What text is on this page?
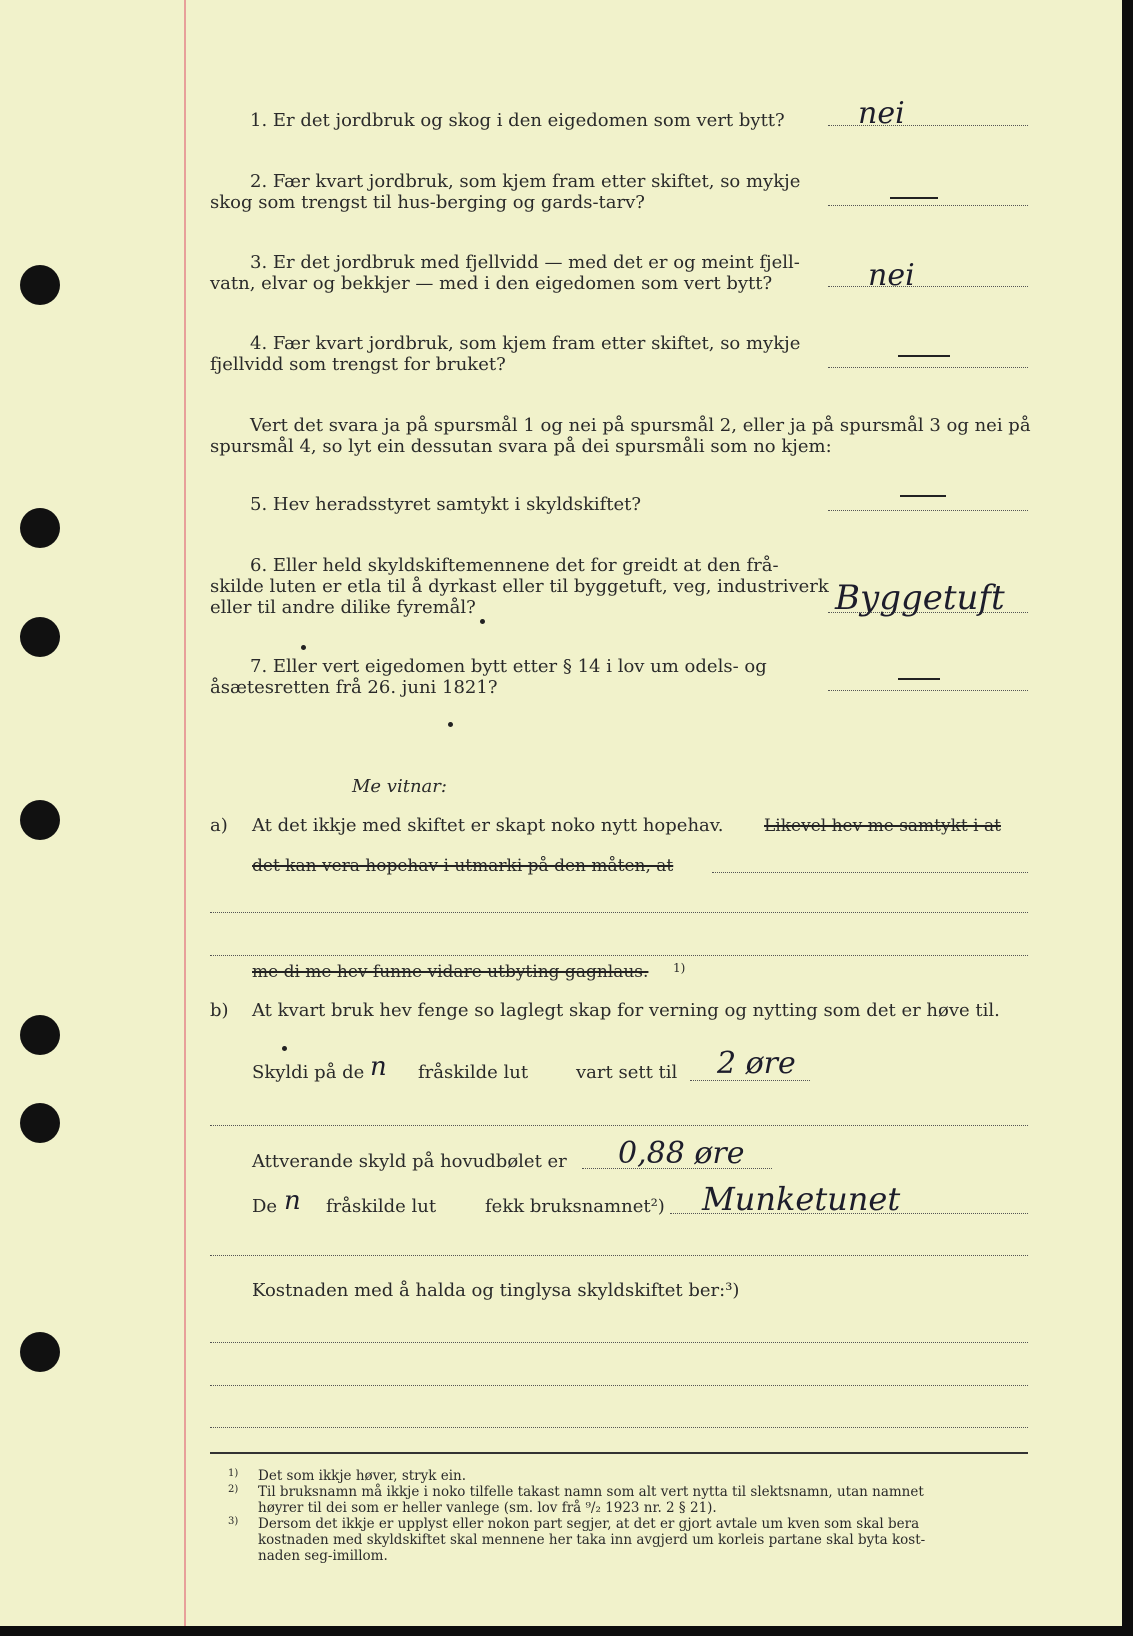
1. Er det jordbruk og skog i den eigedomen som vert bytt? nei
2. Fær kvart jordbruk, som kjem fram etter skiftet, so mykje
skog som trengst til hus-berging og gards-tarv?
3. Er det jordbruk med fjellvidd — med det er og meint fjell-
vatn, elvar og bekkjer — med i den eigedomen som vert bytt?	nei
4. Fær kvart jordbruk, som kjem fram etter skiftet, so mykje
fjellvidd som trengst for bruket?
Vert det svara ja på spursmål 1 og nei på spursmål 2, eller ja på spursmål 3 og nei på
spursmål 4, so lyt ein dessutan svara på dei spursmåli som no kjem:
5. Hev heradsstyret samtykt i skyldskiftet?
6. Eller held skyldskiftemennene det for greidt at den frå-
skilde luten er etla til å dyrkast eller til byggetuft, veg, industriverk
eller til andre dilike fyremål?	Byggetuft
7. Eller vert eigedomen bytt etter § 14 i lov um odels- og
åsætesretten frå 26. juni 1821?
Me vitnar:
a) At det ikkje med skiftet er skapt noko nytt hopehav. Likevel hev me samtykt i at
det kan vera hopehav i utmarki på den måten, at
me di me hev funne vidare utbyting gagnlaus. 1)
b) At kvart bruk hev fenge so laglegt skap for verning og nytting som det er høve til.
Skyldi på de n fråskilde lut	vart sett til 2 øre
Attverande skyld på hovudbølet er 0,88 øre
De n fråskilde lut	fekk bruksnamnet²) Munketunet
Kostnaden med å halda og tinglysa skyldskiftet ber:³)
1) Det som ikkje høver, stryk ein.
2) Til bruksnamn må ikkje i noko tilfelle takast namn som alt vert nytta til slektsnamn, utan namnet
høyrer til dei som er heller vanlege (sm. lov frå ⁹/₂ 1923 nr. 2 § 21).
3) Dersom det ikkje er upplyst eller nokon part segjer, at det er gjort avtale um kven som skal bera
kostnaden med skyldskiftet skal mennene her taka inn avgjerd um korleis partane skal byta kost-
naden seg-imillom.
